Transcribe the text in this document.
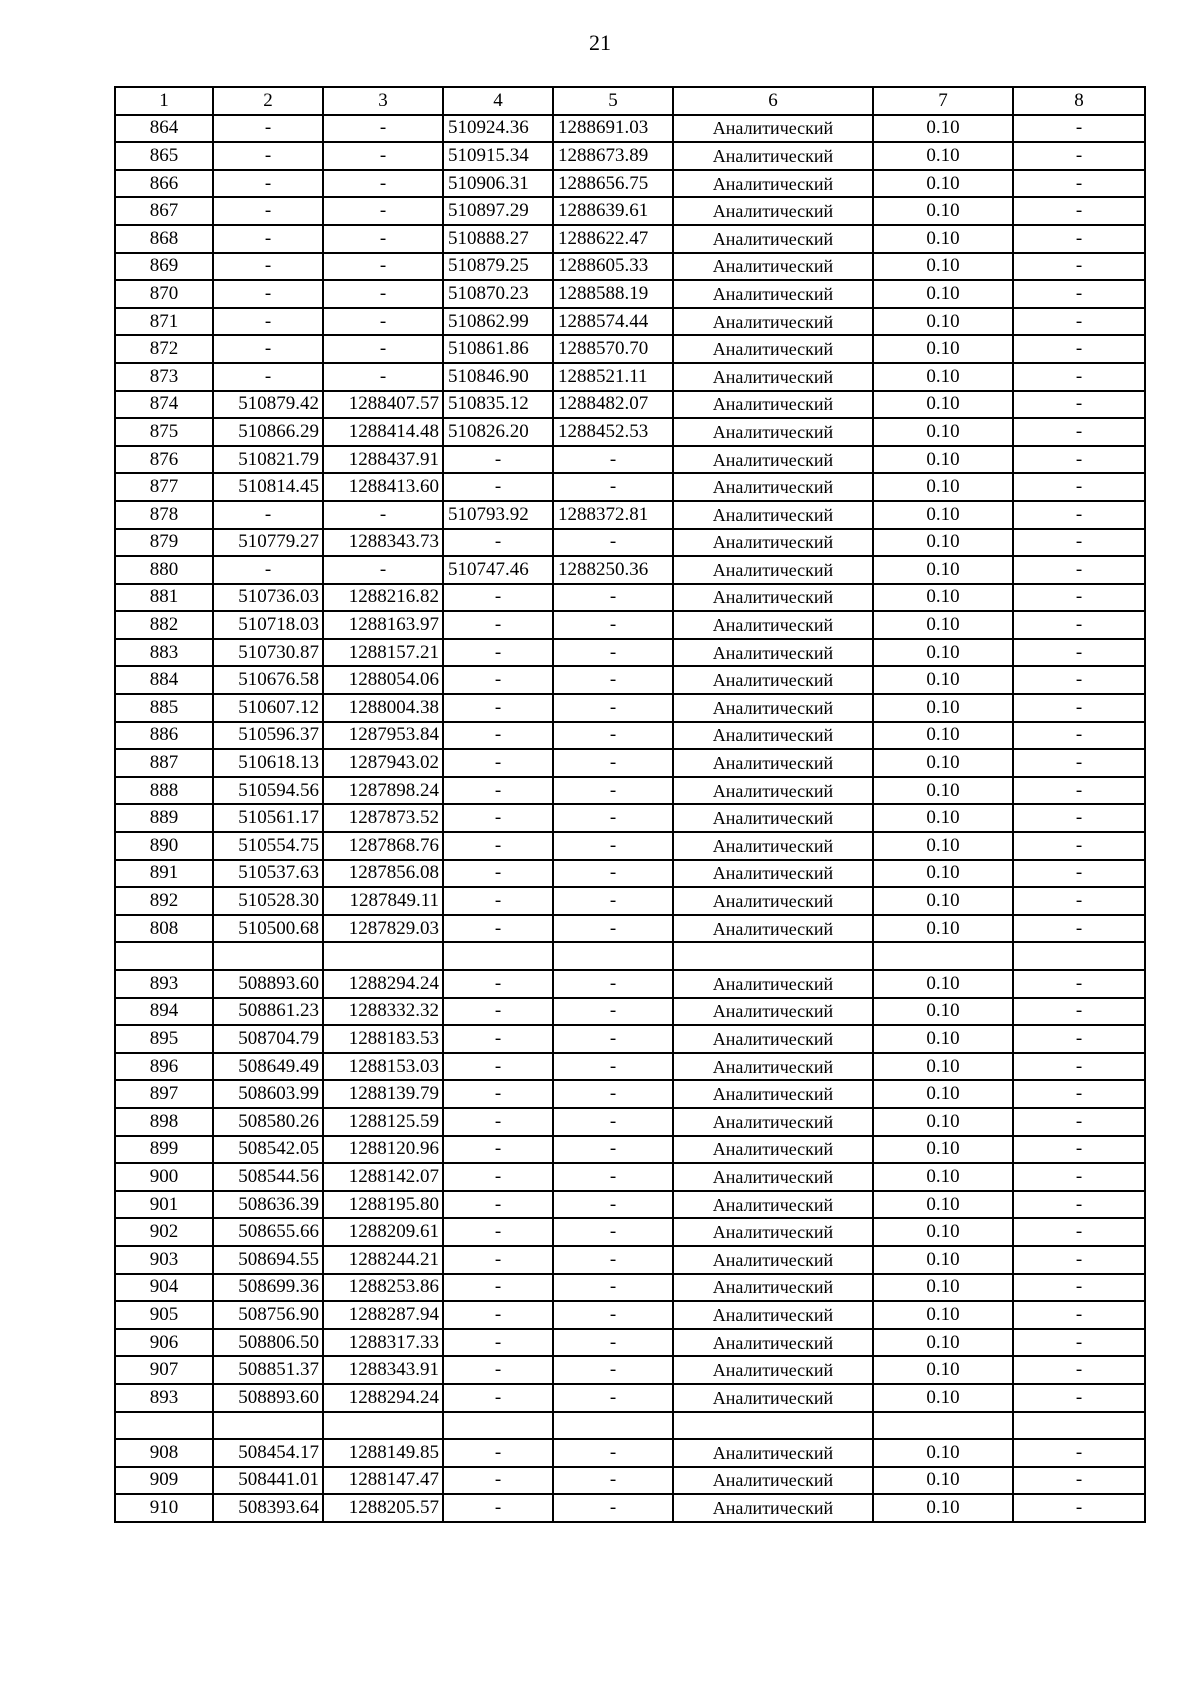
21
1	2	3	4	5	6	7	8
864	-	-	510924.36	1288691.03	Аналитический	0.10	-
865	-	-	510915.34	1288673.89	Аналитический	0.10	-
866	-	-	510906.31	1288656.75	Аналитический	0.10	-
867	-	-	510897.29	1288639.61	Аналитический	0.10	-
868	-	-	510888.27	1288622.47	Аналитический	0.10	-
869	-	-	510879.25	1288605.33	Аналитический	0.10	-
870	-	-	510870.23	1288588.19	Аналитический	0.10	-
871	-	-	510862.99	1288574.44	Аналитический	0.10	-
872	-	-	510861.86	1288570.70	Аналитический	0.10	-
873	-	-	510846.90	1288521.11	Аналитический	0.10	-
874	510879.42	1288407.57	510835.12	1288482.07	Аналитический	0.10	-
875	510866.29	1288414.48	510826.20	1288452.53	Аналитический	0.10	-
876	510821.79	1288437.91	-	-	Аналитический	0.10	-
877	510814.45	1288413.60	-	-	Аналитический	0.10	-
878	-	-	510793.92	1288372.81	Аналитический	0.10	-
879	510779.27	1288343.73	-	-	Аналитический	0.10	-
880	-	-	510747.46	1288250.36	Аналитический	0.10	-
881	510736.03	1288216.82	-	-	Аналитический	0.10	-
882	510718.03	1288163.97	-	-	Аналитический	0.10	-
883	510730.87	1288157.21	-	-	Аналитический	0.10	-
884	510676.58	1288054.06	-	-	Аналитический	0.10	-
885	510607.12	1288004.38	-	-	Аналитический	0.10	-
886	510596.37	1287953.84	-	-	Аналитический	0.10	-
887	510618.13	1287943.02	-	-	Аналитический	0.10	-
888	510594.56	1287898.24	-	-	Аналитический	0.10	-
889	510561.17	1287873.52	-	-	Аналитический	0.10	-
890	510554.75	1287868.76	-	-	Аналитический	0.10	-
891	510537.63	1287856.08	-	-	Аналитический	0.10	-
892	510528.30	1287849.11	-	-	Аналитический	0.10	-
808	510500.68	1287829.03	-	-	Аналитический	0.10	-

893	508893.60	1288294.24	-	-	Аналитический	0.10	-
894	508861.23	1288332.32	-	-	Аналитический	0.10	-
895	508704.79	1288183.53	-	-	Аналитический	0.10	-
896	508649.49	1288153.03	-	-	Аналитический	0.10	-
897	508603.99	1288139.79	-	-	Аналитический	0.10	-
898	508580.26	1288125.59	-	-	Аналитический	0.10	-
899	508542.05	1288120.96	-	-	Аналитический	0.10	-
900	508544.56	1288142.07	-	-	Аналитический	0.10	-
901	508636.39	1288195.80	-	-	Аналитический	0.10	-
902	508655.66	1288209.61	-	-	Аналитический	0.10	-
903	508694.55	1288244.21	-	-	Аналитический	0.10	-
904	508699.36	1288253.86	-	-	Аналитический	0.10	-
905	508756.90	1288287.94	-	-	Аналитический	0.10	-
906	508806.50	1288317.33	-	-	Аналитический	0.10	-
907	508851.37	1288343.91	-	-	Аналитический	0.10	-
893	508893.60	1288294.24	-	-	Аналитический	0.10	-

908	508454.17	1288149.85	-	-	Аналитический	0.10	-
909	508441.01	1288147.47	-	-	Аналитический	0.10	-
910	508393.64	1288205.57	-	-	Аналитический	0.10	-
